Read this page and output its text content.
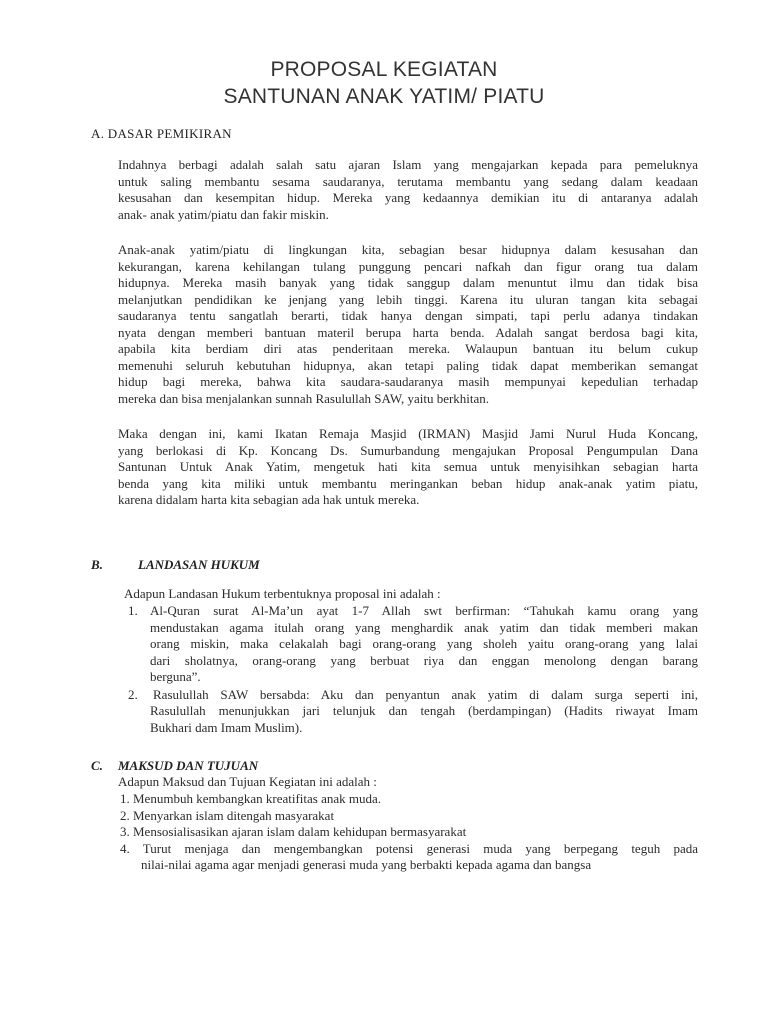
PROPOSAL KEGIATAN
SANTUNAN ANAK YATIM/ PIATU
A. DASAR PEMIKIRAN
Indahnya berbagi adalah salah satu ajaran Islam yang mengajarkan kepada para pemeluknya
untuk saling membantu sesama saudaranya, terutama membantu yang sedang dalam keadaan
kesusahan dan kesempitan hidup. Mereka yang kedaannya demikian itu di antaranya adalah
anak- anak yatim/piatu dan fakir miskin.
Anak-anak yatim/piatu di lingkungan kita, sebagian besar hidupnya dalam kesusahan dan
kekurangan, karena kehilangan tulang punggung pencari nafkah dan figur orang tua dalam
hidupnya. Mereka masih banyak yang tidak sanggup dalam menuntut ilmu dan tidak bisa
melanjutkan pendidikan ke jenjang yang lebih tinggi. Karena itu uluran tangan kita sebagai
saudaranya tentu sangatlah berarti, tidak hanya dengan simpati, tapi perlu adanya tindakan
nyata dengan memberi bantuan materil berupa harta benda. Adalah sangat berdosa bagi kita,
apabila kita berdiam diri atas penderitaan mereka. Walaupun bantuan itu belum cukup
memenuhi seluruh kebutuhan hidupnya, akan tetapi paling tidak dapat memberikan semangat
hidup bagi mereka, bahwa kita saudara-saudaranya masih mempunyai kepedulian terhadap
mereka dan bisa menjalankan sunnah Rasulullah SAW, yaitu berkhitan.
Maka dengan ini, kami Ikatan Remaja Masjid (IRMAN) Masjid Jami Nurul Huda Koncang,
yang berlokasi di Kp. Koncang Ds. Sumurbandung mengajukan Proposal Pengumpulan Dana
Santunan Untuk Anak Yatim, mengetuk hati kita semua untuk menyisihkan sebagian harta
benda yang kita miliki untuk membantu meringankan beban hidup anak-anak yatim piatu,
karena didalam harta kita sebagian ada hak untuk mereka.
B.	LANDASAN HUKUM
Adapun Landasan Hukum terbentuknya proposal ini adalah :
1. Al-Quran surat Al-Ma’un ayat 1-7 Allah swt berfirman: “Tahukah kamu orang yang
mendustakan agama itulah orang yang menghardik anak yatim dan tidak memberi makan
orang miskin, maka celakalah bagi orang-orang yang sholeh yaitu orang-orang yang lalai
dari sholatnya, orang-orang yang berbuat riya dan enggan menolong dengan barang
berguna”.
2. Rasulullah SAW bersabda: Aku dan penyantun anak yatim di dalam surga seperti ini,
Rasulullah menunjukkan jari telunjuk dan tengah (berdampingan) (Hadits riwayat Imam
Bukhari dam Imam Muslim).
C. MAKSUD DAN TUJUAN
Adapun Maksud dan Tujuan Kegiatan ini adalah :
1. Menumbuh kembangkan kreatifitas anak muda.
2. Menyarkan islam ditengah masyarakat
3. Mensosialisasikan ajaran islam dalam kehidupan bermasyarakat
4. Turut menjaga dan mengembangkan potensi generasi muda yang berpegang teguh pada
nilai-nilai agama agar menjadi generasi muda yang berbakti kepada agama dan bangsa
